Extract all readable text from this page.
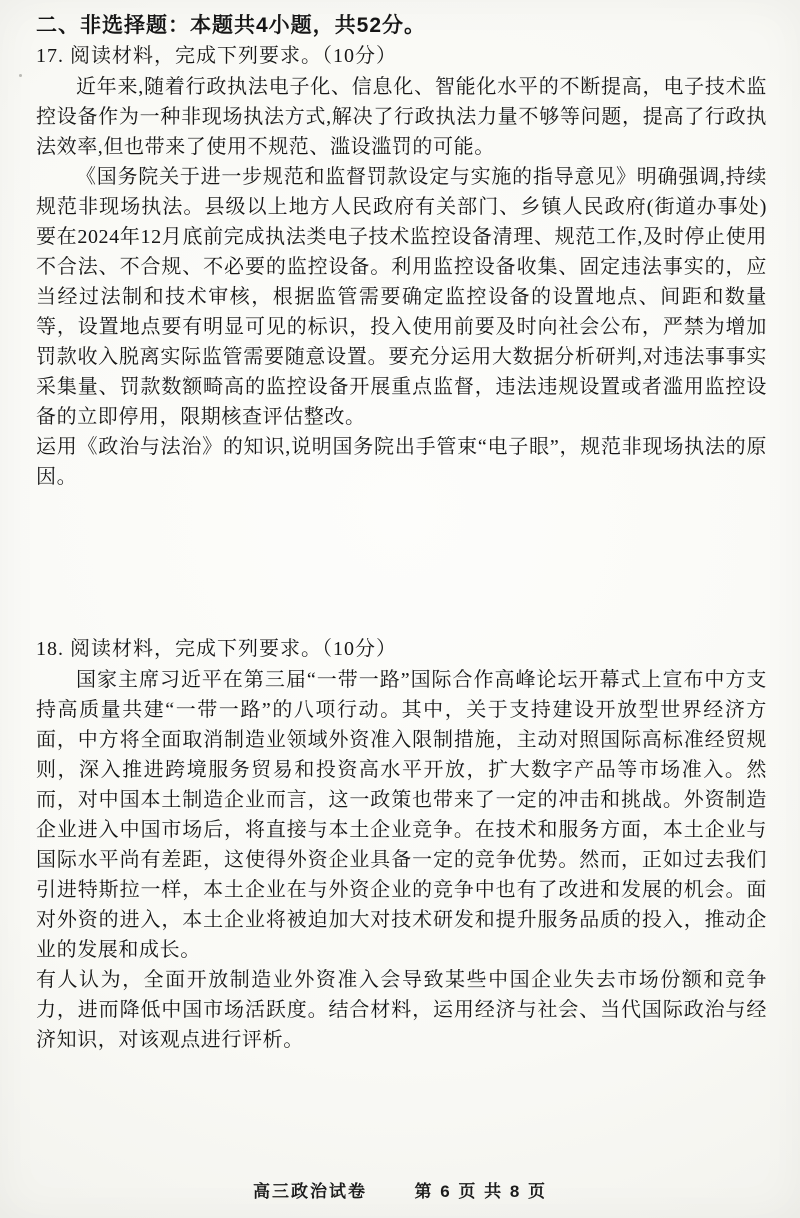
二、非选择题：本题共4小题，共52分。
17. 阅读材料，完成下列要求。（10分）

近年来,随着行政执法电子化、信息化、智能化水平的不断提高，电子技术监控设备作为一种非现场执法方式,解决了行政执法力量不够等问题，提高了行政执法效率,但也带来了使用不规范、滥设滥罚的可能。

《国务院关于进一步规范和监督罚款设定与实施的指导意见》明确强调,持续规范非现场执法。县级以上地方人民政府有关部门、乡镇人民政府(街道办事处)要在2024年12月底前完成执法类电子技术监控设备清理、规范工作,及时停止使用不合法、不合规、不必要的监控设备。利用监控设备收集、固定违法事实的，应当经过法制和技术审核，根据监管需要确定监控设备的设置地点、间距和数量等，设置地点要有明显可见的标识，投入使用前要及时向社会公布，严禁为增加罚款收入脱离实际监管需要随意设置。要充分运用大数据分析研判,对违法事事实采集量、罚款数额畸高的监控设备开展重点监督，违法违规设置或者滥用监控设备的立即停用，限期核查评估整改。

运用《政治与法治》的知识,说明国务院出手管束“电子眼”，规范非现场执法的原因。

18. 阅读材料，完成下列要求。（10分）

国家主席习近平在第三届“一带一路”国际合作高峰论坛开幕式上宣布中方支持高质量共建“一带一路”的八项行动。其中，关于支持建设开放型世界经济方面，中方将全面取消制造业领域外资准入限制措施，主动对照国际高标准经贸规则，深入推进跨境服务贸易和投资高水平开放，扩大数字产品等市场准入。然而，对中国本土制造企业而言，这一政策也带来了一定的冲击和挑战。外资制造企业进入中国市场后，将直接与本土企业竞争。在技术和服务方面，本土企业与国际水平尚有差距，这使得外资企业具备一定的竞争优势。然而，正如过去我们引进特斯拉一样，本土企业在与外资企业的竞争中也有了改进和发展的机会。面对外资的进入，本土企业将被迫加大对技术研发和提升服务品质的投入，推动企业的发展和成长。

有人认为，全面开放制造业外资准入会导致某些中国企业失去市场份额和竞争力，进而降低中国市场活跃度。结合材料，运用经济与社会、当代国际政治与经济知识，对该观点进行评析。

高三政治试卷	第 6 页 共 8 页
